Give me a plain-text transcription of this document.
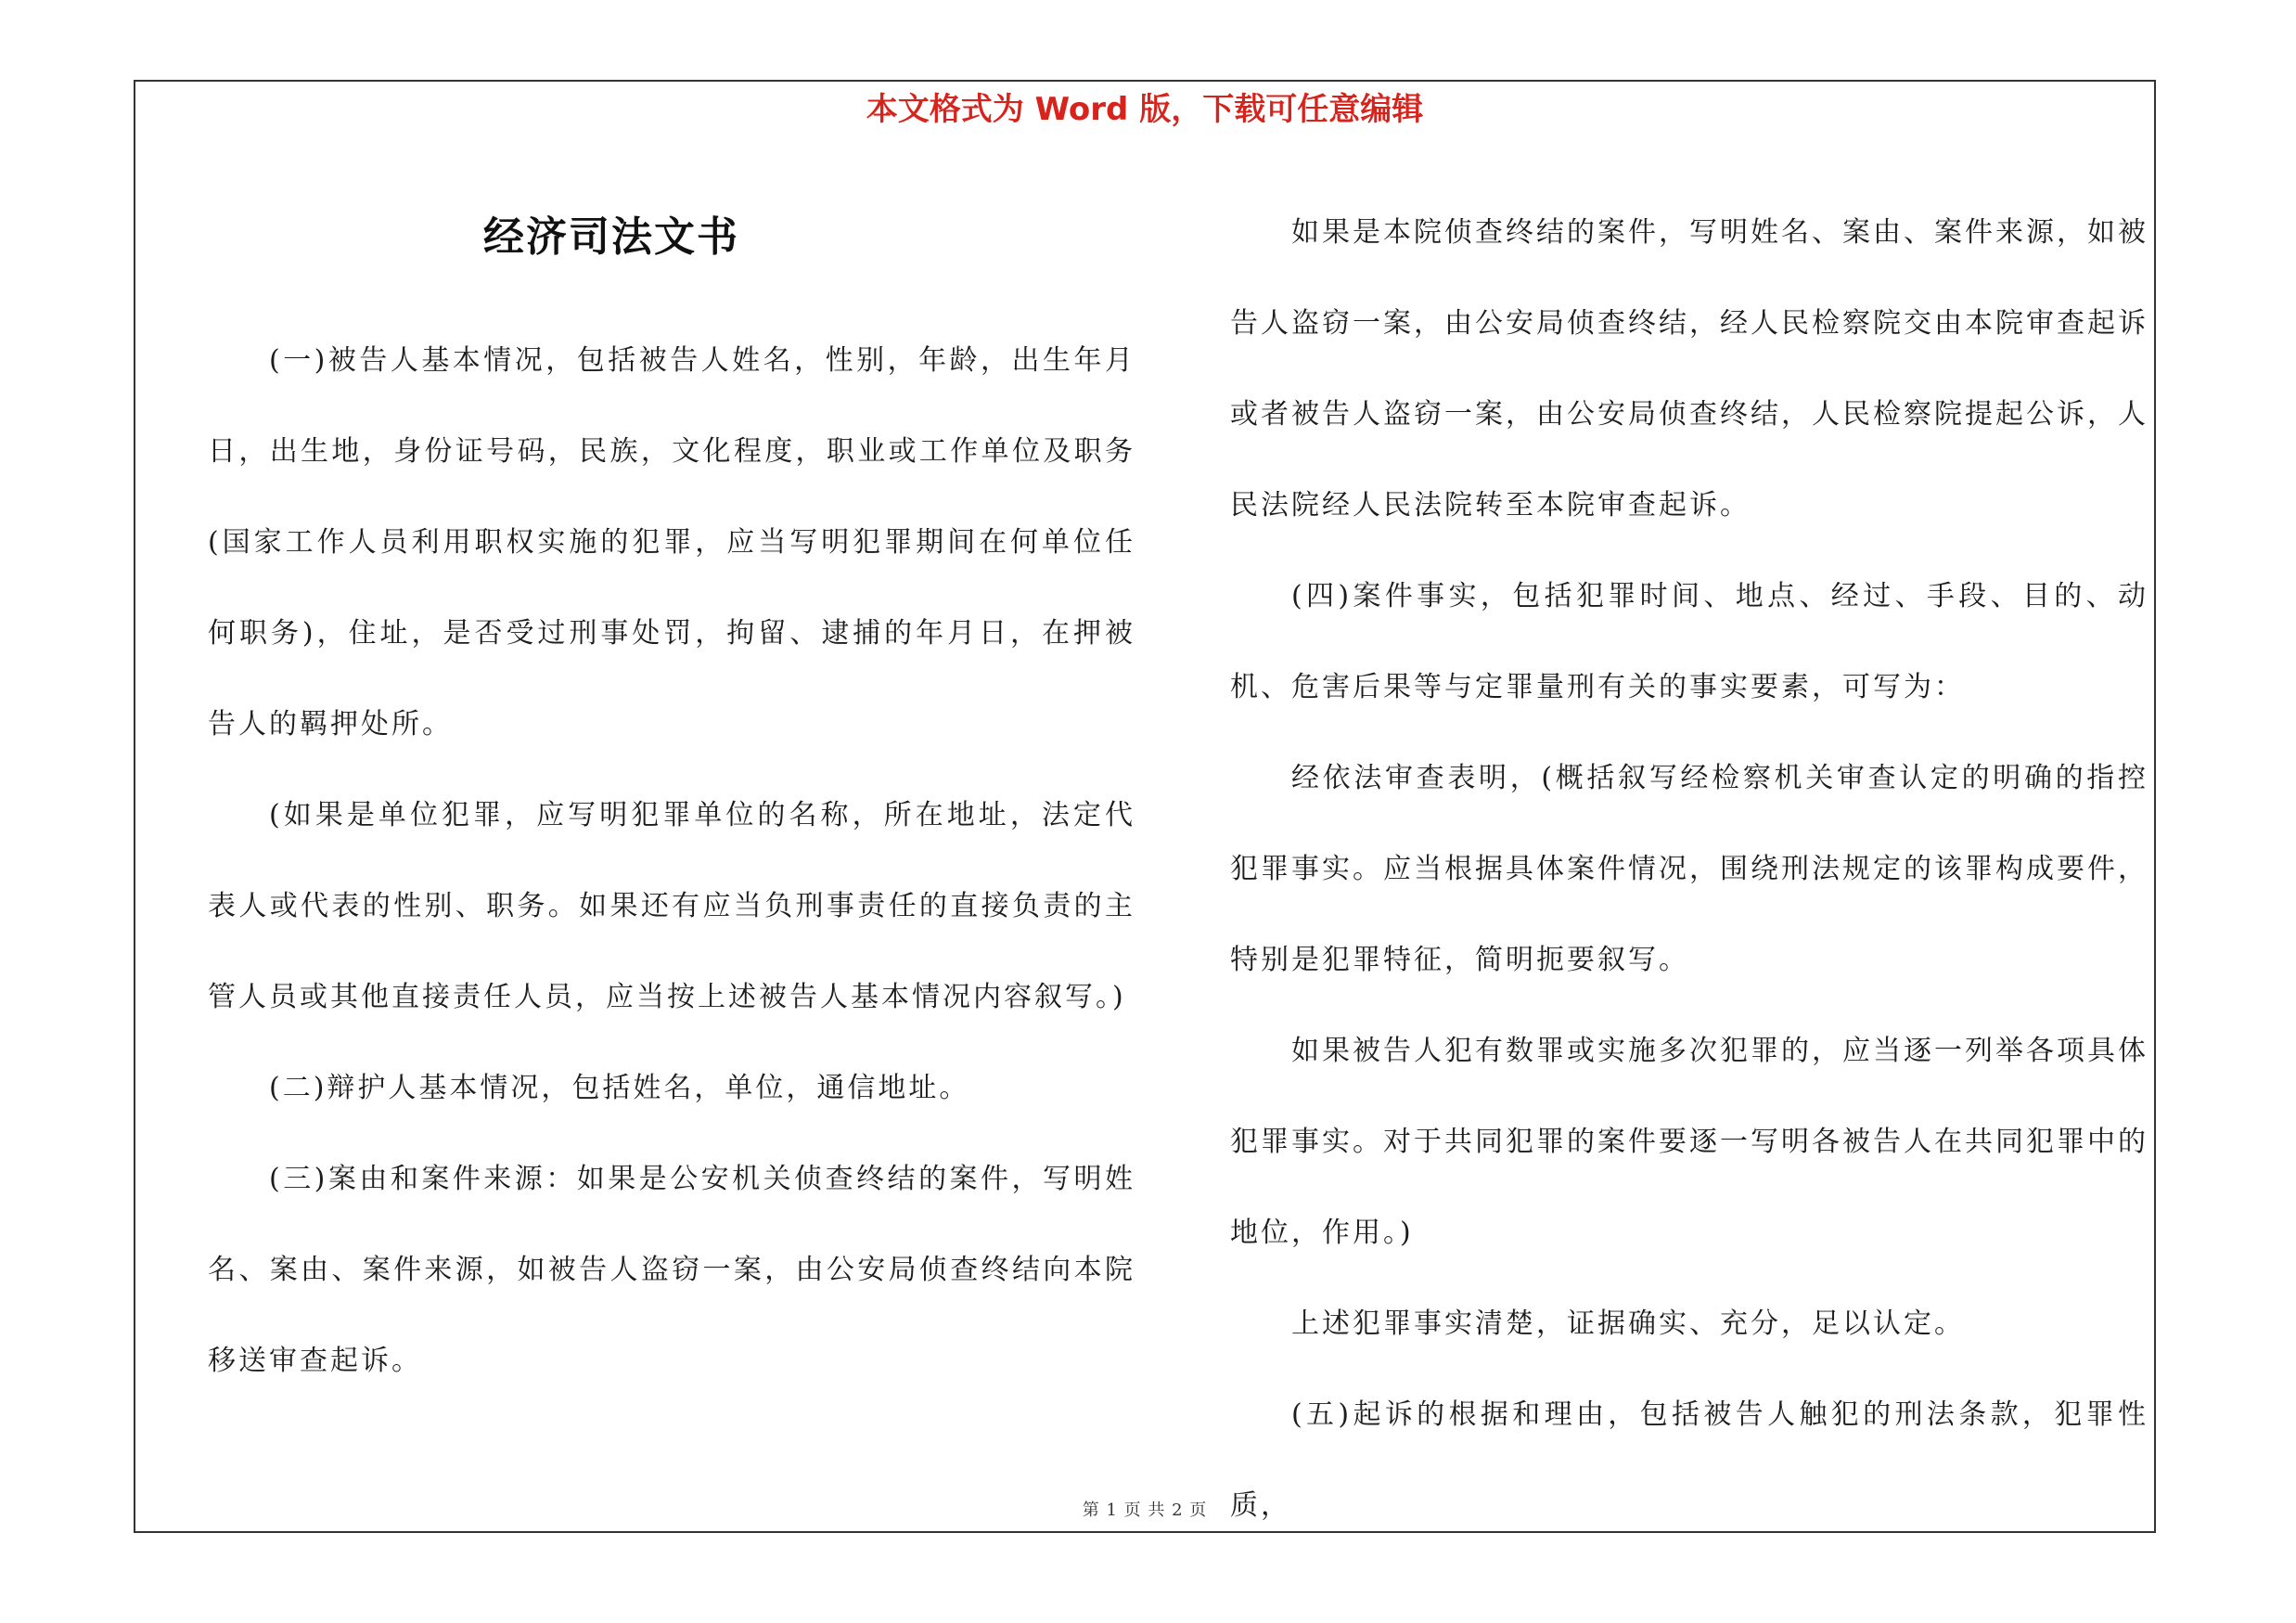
本文格式为 Word 版，下载可任意编辑
经济司法文书

(一)被告人基本情况，包括被告人姓名，性别，年龄，出生年月日，出生地，身份证号码，民族，文化程度，职业或工作单位及职务(国家工作人员利用职权实施的犯罪，应当写明犯罪期间在何单位任何职务)，住址，是否受过刑事处罚，拘留、逮捕的年月日，在押被告人的羁押处所。

(如果是单位犯罪，应写明犯罪单位的名称，所在地址，法定代表人或代表的性别、职务。如果还有应当负刑事责任的直接负责的主管人员或其他直接责任人员，应当按上述被告人基本情况内容叙写。)

(二)辩护人基本情况，包括姓名，单位，通信地址。

(三)案由和案件来源：如果是公安机关侦查终结的案件，写明姓名、案由、案件来源，如被告人盗窃一案，由公安局侦查终结向本院移送审查起诉。

如果是本院侦查终结的案件，写明姓名、案由、案件来源，如被告人盗窃一案，由公安局侦查终结，经人民检察院交由本院审查起诉或者被告人盗窃一案，由公安局侦查终结，人民检察院提起公诉，人民法院经人民法院转至本院审查起诉。

(四)案件事实，包括犯罪时间、地点、经过、手段、目的、动机、危害后果等与定罪量刑有关的事实要素，可写为：

经依法审查表明，(概括叙写经检察机关审查认定的明确的指控犯罪事实。应当根据具体案件情况，围绕刑法规定的该罪构成要件，特别是犯罪特征，简明扼要叙写。

如果被告人犯有数罪或实施多次犯罪的，应当逐一列举各项具体犯罪事实。对于共同犯罪的案件要逐一写明各被告人在共同犯罪中的地位，作用。)

上述犯罪事实清楚，证据确实、充分，足以认定。

(五)起诉的根据和理由，包括被告人触犯的刑法条款，犯罪性质，

第 1 页 共 2 页
